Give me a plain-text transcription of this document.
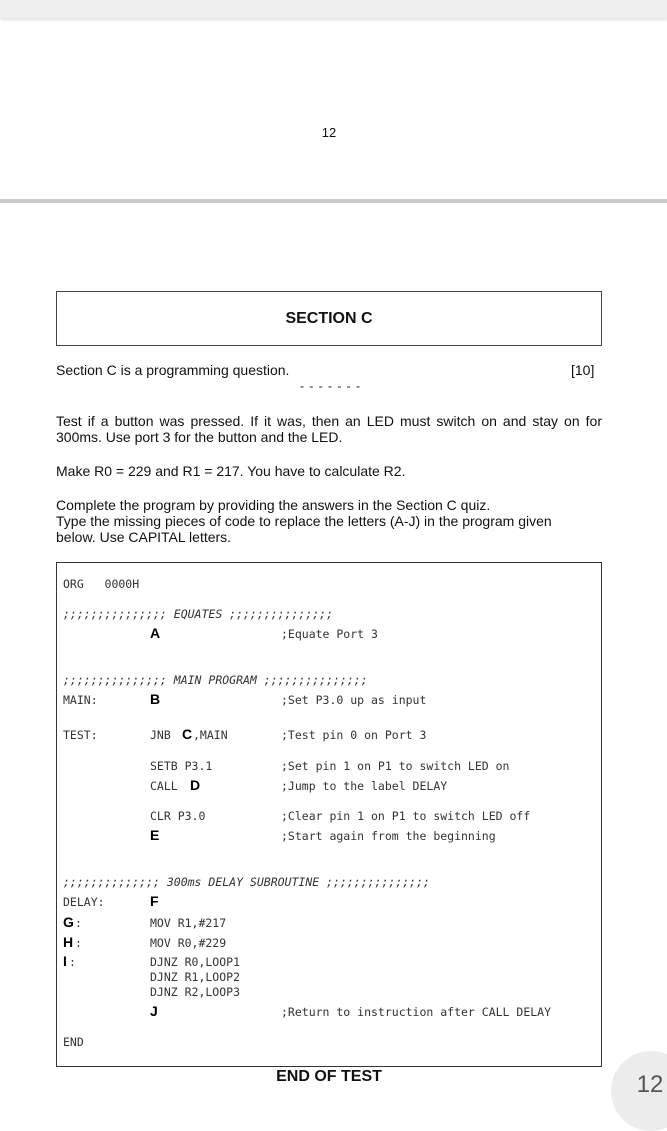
12
SECTION C
Section C is a programming question.	[10]
- - - - - - -
Test if a button was pressed. If it was, then an LED must switch on and stay on for
300ms. Use port 3 for the button and the LED.
Make R0 = 229 and R1 = 217. You have to calculate R2.
Complete the program by providing the answers in the Section C quiz.
Type the missing pieces of code to replace the letters (A-J) in the program given
below. Use CAPITAL letters.
ORG   0000H
;;;;;;;;;;;;;;; EQUATES ;;;;;;;;;;;;;;;
A	;Equate Port 3
;;;;;;;;;;;;;;; MAIN PROGRAM ;;;;;;;;;;;;;;;
MAIN:	B	;Set P3.0 up as input
TEST:	JNB C ,MAIN	;Test pin 0 on Port 3
SETB P3.1	;Set pin 1 on P1 to switch LED on
CALL D	;Jump to the label DELAY
CLR P3.0	;Clear pin 1 on P1 to switch LED off
E	;Start again from the beginning
;;;;;;;;;;;;;; 300ms DELAY SUBROUTINE ;;;;;;;;;;;;;;;
DELAY:	F
G :	MOV R1,#217
H :	MOV R0,#229
I :	DJNZ R0,LOOP1
DJNZ R1,LOOP2
DJNZ R2,LOOP3
J	;Return to instruction after CALL DELAY
END
END OF TEST	12
